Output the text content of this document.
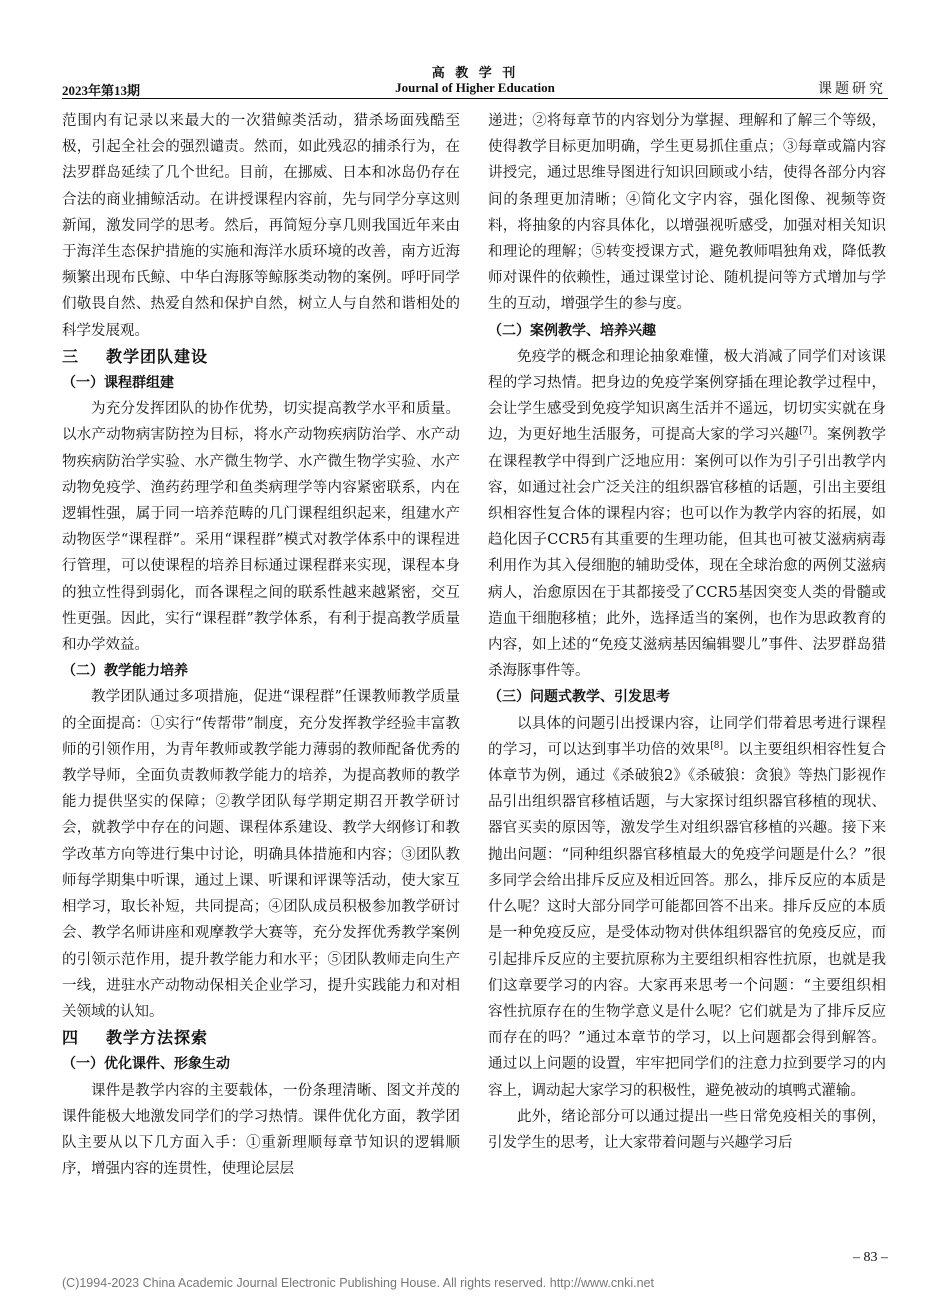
高 教 学 刊
2023年第13期	Journal of Higher Education	课题研究

范围内有记录以来最大的一次猎鲸类活动，猎杀场面残酷至极，引起全社会的强烈谴责。然而，如此残忍的捕杀行为，在法罗群岛延续了几个世纪。目前，在挪威、日本和冰岛仍存在合法的商业捕鲸活动。在讲授课程内容前，先与同学分享这则新闻，激发同学的思考。然后，再简短分享几则我国近年来由于海洋生态保护措施的实施和海洋水质环境的改善，南方近海频繁出现布氏鲸、中华白海豚等鲸豚类动物的案例。呼吁同学们敬畏自然、热爱自然和保护自然，树立人与自然和谐相处的科学发展观。

三 教学团队建设
（一）课程群组建

为充分发挥团队的协作优势，切实提高教学水平和质量。以水产动物病害防控为目标，将水产动物疾病防治学、水产动物疾病防治学实验、水产微生物学、水产微生物学实验、水产动物免疫学、渔药药理学和鱼类病理学等内容紧密联系，内在逻辑性强，属于同一培养范畴的几门课程组织起来，组建水产动物医学“课程群”。采用“课程群”模式对教学体系中的课程进行管理，可以使课程的培养目标通过课程群来实现，课程本身的独立性得到弱化，而各课程之间的联系性越来越紧密，交互性更强。因此，实行“课程群”教学体系，有利于提高教学质量和办学效益。

（二）教学能力培养

教学团队通过多项措施，促进“课程群”任课教师教学质量的全面提高：①实行“传帮带”制度，充分发挥教学经验丰富教师的引领作用，为青年教师或教学能力薄弱的教师配备优秀的教学导师，全面负责教师教学能力的培养，为提高教师的教学能力提供坚实的保障；②教学团队每学期定期召开教学研讨会，就教学中存在的问题、课程体系建设、教学大纲修订和教学改革方向等进行集中讨论，明确具体措施和内容；③团队教师每学期集中听课，通过上课、听课和评课等活动，使大家互相学习，取长补短，共同提高；④团队成员积极参加教学研讨会、教学名师讲座和观摩教学大赛等，充分发挥优秀教学案例的引领示范作用，提升教学能力和水平；⑤团队教师走向生产一线，进驻水产动物动保相关企业学习，提升实践能力和对相关领域的认知。

四 教学方法探索
（一）优化课件、形象生动

课件是教学内容的主要载体，一份条理清晰、图文并茂的课件能极大地激发同学们的学习热情。课件优化方面，教学团队主要从以下几方面入手：①重新理顺每章节知识的逻辑顺序，增强内容的连贯性，使理论层层

递进；②将每章节的内容划分为掌握、理解和了解三个等级，使得教学目标更加明确，学生更易抓住重点；③每章或篇内容讲授完，通过思维导图进行知识回顾或小结，使得各部分内容间的条理更加清晰；④简化文字内容，强化图像、视频等资料，将抽象的内容具体化，以增强视听感受，加强对相关知识和理论的理解；⑤转变授课方式，避免教师唱独角戏，降低教师对课件的依赖性，通过课堂讨论、随机提问等方式增加与学生的互动，增强学生的参与度。

（二）案例教学、培养兴趣

免疫学的概念和理论抽象难懂，极大消减了同学们对该课程的学习热情。把身边的免疫学案例穿插在理论教学过程中，会让学生感受到免疫学知识离生活并不遥远，切切实实就在身边，为更好地生活服务，可提高大家的学习兴趣[7]。案例教学在课程教学中得到广泛地应用：案例可以作为引子引出教学内容，如通过社会广泛关注的组织器官移植的话题，引出主要组织相容性复合体的课程内容；也可以作为教学内容的拓展，如趋化因子CCR5有其重要的生理功能，但其也可被艾滋病病毒利用作为其入侵细胞的辅助受体，现在全球治愈的两例艾滋病病人，治愈原因在于其都接受了CCR5基因突变人类的骨髓或造血干细胞移植；此外，选择适当的案例，也作为思政教育的内容，如上述的“免疫艾滋病基因编辑婴儿”事件、法罗群岛猎杀海豚事件等。

（三）问题式教学、引发思考

以具体的问题引出授课内容，让同学们带着思考进行课程的学习，可以达到事半功倍的效果[8]。以主要组织相容性复合体章节为例，通过《杀破狼2》《杀破狼：贪狼》等热门影视作品引出组织器官移植话题，与大家探讨组织器官移植的现状、器官买卖的原因等，激发学生对组织器官移植的兴趣。接下来抛出问题：“同种组织器官移植最大的免疫学问题是什么？”很多同学会给出排斥反应及相近回答。那么，排斥反应的本质是什么呢？这时大部分同学可能都回答不出来。排斥反应的本质是一种免疫反应，是受体动物对供体组织器官的免疫反应，而引起排斥反应的主要抗原称为主要组织相容性抗原，也就是我们这章要学习的内容。大家再来思考一个问题：“主要组织相容性抗原存在的生物学意义是什么呢？它们就是为了排斥反应而存在的吗？”通过本章节的学习，以上问题都会得到解答。通过以上问题的设置，牢牢把同学们的注意力拉到要学习的内容上，调动起大家学习的积极性，避免被动的填鸭式灌输。

此外，绪论部分可以通过提出一些日常免疫相关的事例，引发学生的思考，让大家带着问题与兴趣学习后

– 83 –
(C)1994-2023 China Academic Journal Electronic Publishing House. All rights reserved. http://www.cnki.net
